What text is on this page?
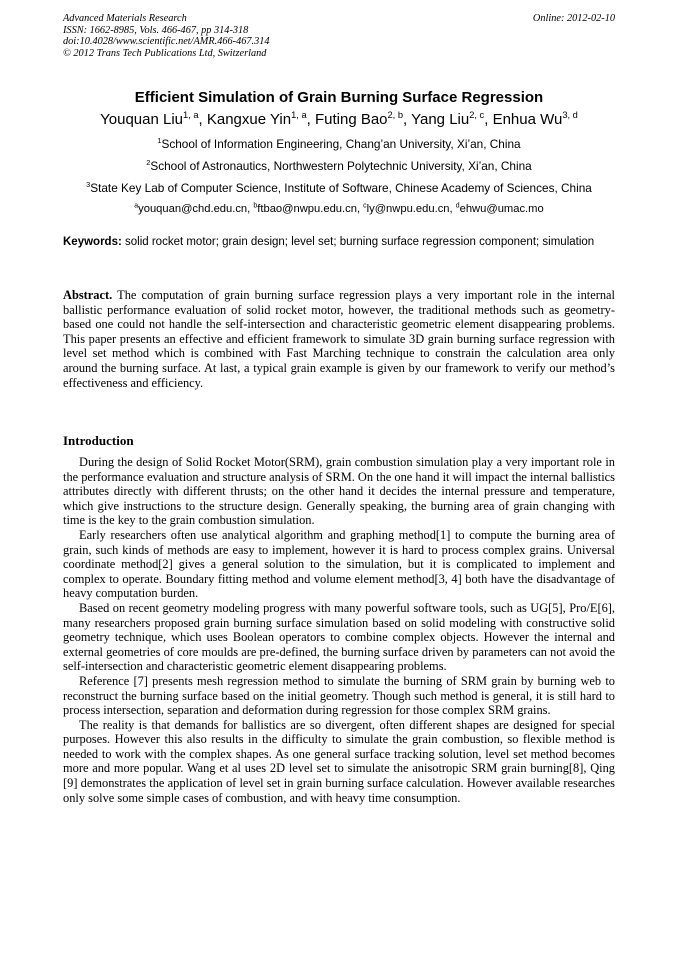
Advanced Materials Research
ISSN: 1662-8985, Vols. 466-467, pp 314-318
doi:10.4028/www.scientific.net/AMR.466-467.314
© 2012 Trans Tech Publications Ltd, Switzerland
Online: 2012-02-10
Efficient Simulation of Grain Burning Surface Regression
Youquan Liu$^{1, a}$, Kangxue Yin$^{1, a}$, Futing Bao$^{2, b}$, Yang Liu$^{2, c}$, Enhua Wu$^{3, d}$
$^1$School of Information Engineering, Chang’an University, Xi’an, China
$^2$School of Astronautics, Northwestern Polytechnic University, Xi’an, China
$^3$State Key Lab of Computer Science, Institute of Software, Chinese Academy of Sciences, China
$^a$youquan@chd.edu.cn, $^b$ftbao@nwpu.edu.cn, $^c$ly@nwpu.edu.cn, $^d$ehwu@umac.mo
Keywords: solid rocket motor; grain design; level set; burning surface regression component; simulation
Abstract. The computation of grain burning surface regression plays a very important role in the internal ballistic performance evaluation of solid rocket motor, however, the traditional methods such as geometry-based one could not handle the self-intersection and characteristic geometric element disappearing problems. This paper presents an effective and efficient framework to simulate 3D grain burning surface regression with level set method which is combined with Fast Marching technique to constrain the calculation area only around the burning surface. At last, a typical grain example is given by our framework to verify our method’s effectiveness and efficiency.
Introduction

During the design of Solid Rocket Motor(SRM), grain combustion simulation play a very important role in the performance evaluation and structure analysis of SRM. On the one hand it will impact the internal ballistics attributes directly with different thrusts; on the other hand it decides the internal pressure and temperature, which give instructions to the structure design. Generally speaking, the burning area of grain changing with time is the key to the grain combustion simulation.

Early researchers often use analytical algorithm and graphing method[1] to compute the burning area of grain, such kinds of methods are easy to implement, however it is hard to process complex grains. Universal coordinate method[2] gives a general solution to the simulation, but it is complicated to implement and complex to operate. Boundary fitting method and volume element method[3, 4] both have the disadvantage of heavy computation burden.

Based on recent geometry modeling progress with many powerful software tools, such as UG[5], Pro/E[6], many researchers proposed grain burning surface simulation based on solid modeling with constructive solid geometry technique, which uses Boolean operators to combine complex objects. However the internal and external geometries of core moulds are pre-defined, the burning surface driven by parameters can not avoid the self-intersection and characteristic geometric element disappearing problems.

Reference [7] presents mesh regression method to simulate the burning of SRM grain by burning web to reconstruct the burning surface based on the initial geometry. Though such method is general, it is still hard to process intersection, separation and deformation during regression for those complex SRM grains.

The reality is that demands for ballistics are so divergent, often different shapes are designed for special purposes. However this also results in the difficulty to simulate the grain combustion, so flexible method is needed to work with the complex shapes. As one general surface tracking solution, level set method becomes more and more popular. Wang et al uses 2D level set to simulate the anisotropic SRM grain burning[8], Qing [9] demonstrates the application of level set in grain burning surface calculation. However available researches only solve some simple cases of combustion, and with heavy time consumption.
